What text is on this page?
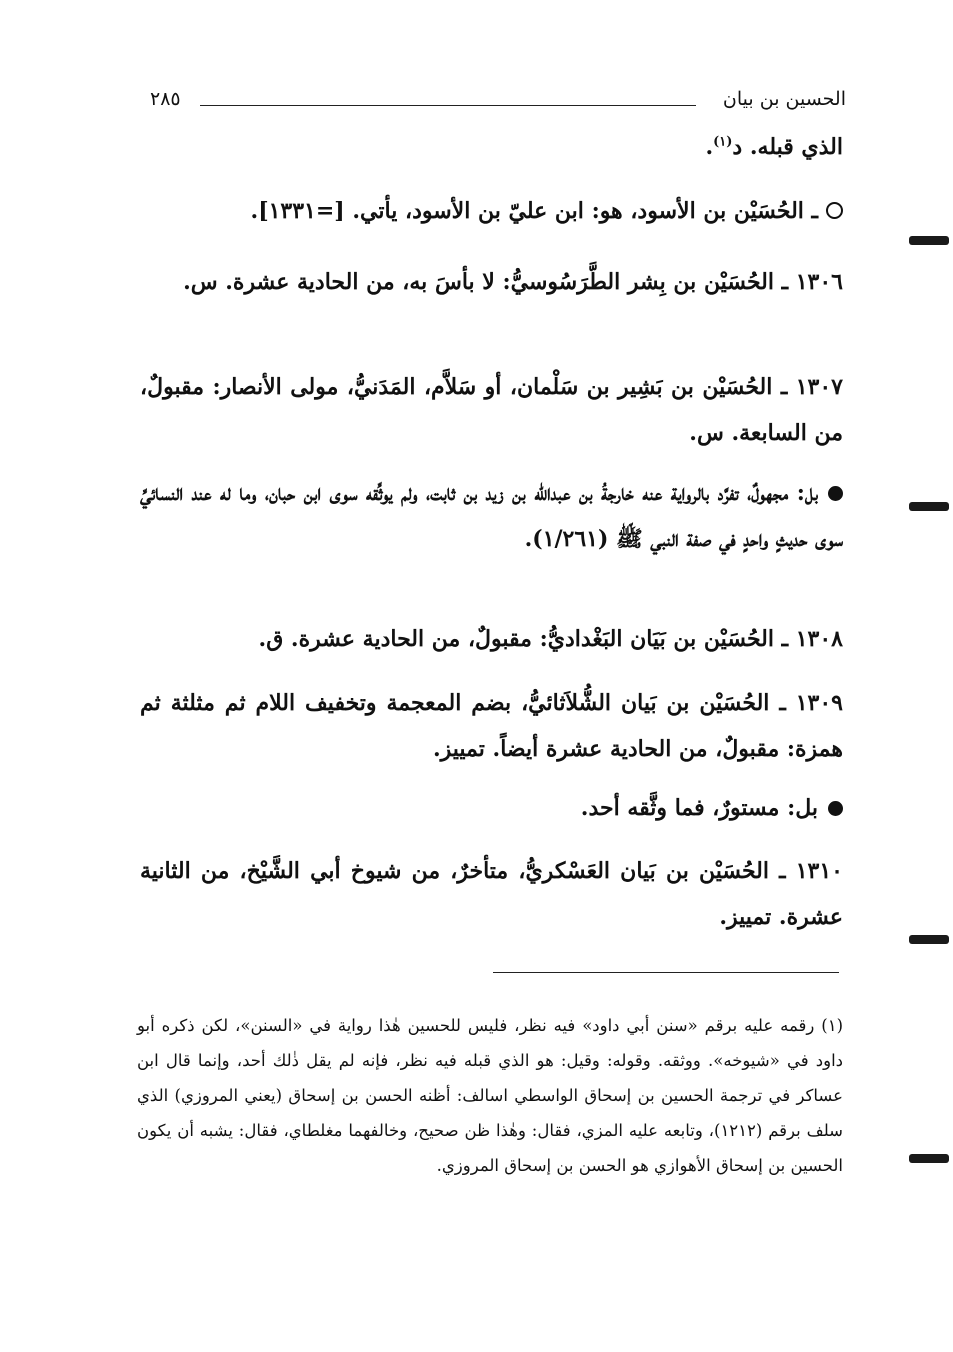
الحسين بن بيان
٢٨٥

الذي قبله. د$^{(١)}$.

ـ الحُسَيْن بن الأسود، هو: ابن عليّ بن الأسود، يأتي. [=١٣٣١].

١٣٠٦ ـ الحُسَيْن بن بِشر الطَّرَسُوسيُّ: لا بأسَ به، من الحادية عشرة. س.

١٣٠٧ ـ الحُسَيْن بن بَشِير بن سَلْمان، أو سَلاَّم، المَدَنيُّ، مولى الأنصار: مقبولٌ، من السابعة. س.

بل: مجهولٌ، تفرَّد بالرواية عنه خارجةُ بن عبدالله بن زيد بن ثابت، ولم يوثِّقه سوى ابن حبان، وما له عند النسائيِّ سوى حديثٍ واحدٍ في صفة النبي ﷺ (١/٢٦١).

١٣٠٨ ـ الحُسَيْن بن بَيَان البَغْداديُّ: مقبولٌ، من الحادية عشرة. ق.

١٣٠٩ ـ الحُسَيْن بن بَيان الشُّلاَثائيُّ، بضم المعجمة وتخفيف اللام ثم مثلثة ثم همزة: مقبولٌ، من الحادية عشرة أيضاً. تمييز.

بل: مستورٌ، فما وثَّقه أحد.

١٣١٠ ـ الحُسَيْن بن بَيان العَسْكريُّ، متأخرٌ، من شيوخ أبي الشَّيْخ، من الثانية عشرة. تمييز.

(١) رقمه عليه برقم «سنن أبي داود» فيه نظر، فليس للحسين هٰذا رواية في «السنن»، لكن ذكره أبو داود في «شيوخه». ووثقه. وقوله: وقيل: هو الذي قبله فيه نظر، فإنه لم يقل ذٰلك أحد، وإنما قال ابن عساكر في ترجمة الحسين بن إسحاق الواسطي اسالف: أظنه الحسن بن إسحاق (يعني المروزي) الذي سلف برقم (١٢١٢)، وتابعه عليه المزي، فقال: وهٰذا ظن صحيح، وخالفهما مغلطاي، فقال: يشبه أن يكون الحسين بن إسحاق الأهوازي هو الحسن بن إسحاق المروزي.
